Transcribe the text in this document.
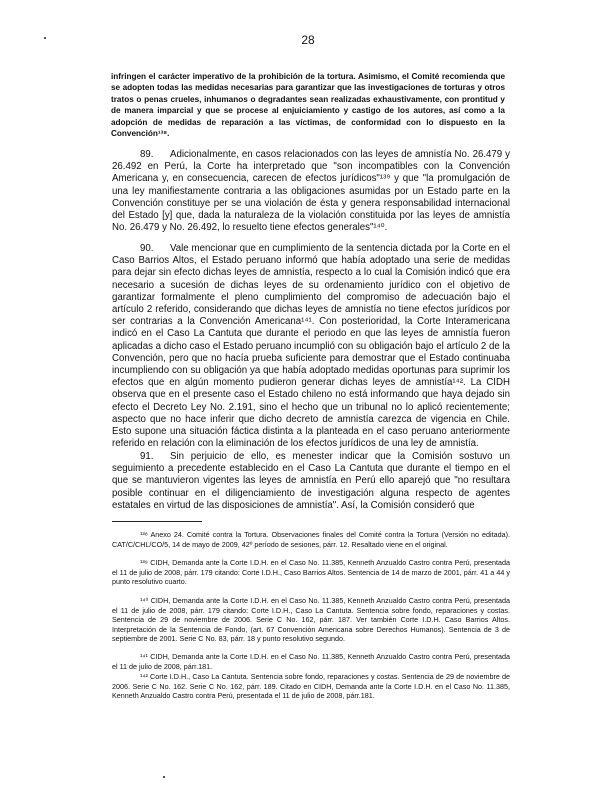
28
infringen el carácter imperativo de la prohibición de la tortura. Asimismo, el Comité recomienda que se adopten todas las medidas necesarias para garantizar que las investigaciones de torturas y otros tratos o penas crueles, inhumanos o degradantes sean realizadas exhaustivamente, con prontitud y de manera imparcial y que se procese al enjuiciamiento y castigo de los autores, así como a la adopción de medidas de reparación a las víctimas, de conformidad con lo dispuesto en la Convención¹³⁸.
89. Adicionalmente, en casos relacionados con las leyes de amnistía No. 26.479 y 26.492 en Perú, la Corte ha interpretado que "son incompatibles con la Convención Americana y, en consecuencia, carecen de efectos jurídicos"¹³⁹ y que "la promulgación de una ley manifiestamente contraria a las obligaciones asumidas por un Estado parte en la Convención constituye per se una violación de ésta y genera responsabilidad internacional del Estado [y] que, dada la naturaleza de la violación constituida por las leyes de amnistía No. 26.479 y No. 26.492, lo resuelto tiene efectos generales"¹⁴⁰.
90. Vale mencionar que en cumplimiento de la sentencia dictada por la Corte en el Caso Barrios Altos, el Estado peruano informó que había adoptado una serie de medidas para dejar sin efecto dichas leyes de amnistía, respecto a lo cual la Comisión indicó que era necesario a sucesión de dichas leyes de su ordenamiento jurídico con el objetivo de garantizar formalmente el pleno cumplimiento del compromiso de adecuación bajo el artículo 2 referido, considerando que dichas leyes de amnistía no tiene efectos jurídicos por ser contrarias a la Convención Americana¹⁴¹. Con posterioridad, la Corte Interamericana indicó en el Caso La Cantuta que durante el periodo en que las leyes de amnistía fueron aplicadas a dicho caso el Estado peruano incumplió con su obligación bajo el artículo 2 de la Convención, pero que no hacía prueba suficiente para demostrar que el Estado continuaba incumpliendo con su obligación ya que había adoptado medidas oportunas para suprimir los efectos que en algún momento pudieron generar dichas leyes de amnistía¹⁴². La CIDH observa que en el presente caso el Estado chileno no está informando que haya dejado sin efecto el Decreto Ley No. 2.191, sino el hecho que un tribunal no lo aplicó recientemente; aspecto que no hace inferir que dicho decreto de amnistía carezca de vigencia en Chile. Esto supone una situación fáctica distinta a la planteada en el caso peruano anteriormente referido en relación con la eliminación de los efectos jurídicos de una ley de amnistía.
91. Sin perjuicio de ello, es menester indicar que la Comisión sostuvo un seguimiento a precedente establecido en el Caso La Cantuta que durante el tiempo en el que se mantuvieron vigentes las leyes de amnistía en Perú ello aparejó que "no resultara posible continuar en el diligenciamiento de investigación alguna respecto de agentes estatales en virtud de las disposiciones de amnistía". Así, la Comisión consideró que
¹³⁸ Anexo 24. Comité contra la Tortura. Observaciones finales del Comité contra la Tortura (Versión no editada). CAT/C/CHL/CO/5, 14 de mayo de 2009, 42º período de sesiones, párr. 12. Resaltado viene en el original.
¹³⁹ CIDH, Demanda ante la Corte I.D.H. en el Caso No. 11.385, Kenneth Anzualdo Castro contra Perú, presentada el 11 de julio de 2008, párr. 179 citando: Corte I.D.H., Caso Barrios Altos. Sentencia de 14 de marzo de 2001, párr. 41 a 44 y punto resolutivo cuarto.
¹⁴⁰ CIDH, Demanda ante la Corte I.D.H. en el Caso No. 11.385, Kenneth Anzualdo Castro contra Perú, presentada el 11 de julio de 2008, párr. 179 citando: Corte I.D.H., Caso La Cantuta. Sentencia sobre fondo, reparaciones y costas. Sentencia de 29 de noviembre de 2006. Serie C No. 162, párr. 187. Ver también Corte I.D.H. Caso Barrios Altos. Interpretación de la Sentencia de Fondo, (art. 67 Convención Americana sobre Derechos Humanos). Sentencia de 3 de septiembre de 2001. Serie C No. 83, párr. 18 y punto resolutivo segundo.
¹⁴¹ CIDH, Demanda ante la Corte I.D.H. en el Caso No. 11.385, Kenneth Anzualdo Castro contra Perú, presentada el 11 de julio de 2008, párr.181.
¹⁴² Corte I.D.H., Caso La Cantuta. Sentencia sobre fondo, reparaciones y costas. Sentencia de 29 de noviembre de 2006. Serie C No. 162. Serie C No. 162, párr. 189. Citado en CIDH, Demanda ante la Corte I.D.H. en el Caso No. 11.385, Kenneth Anzualdo Castro contra Perú, presentada el 11 de julio de 2008, párr.181.
